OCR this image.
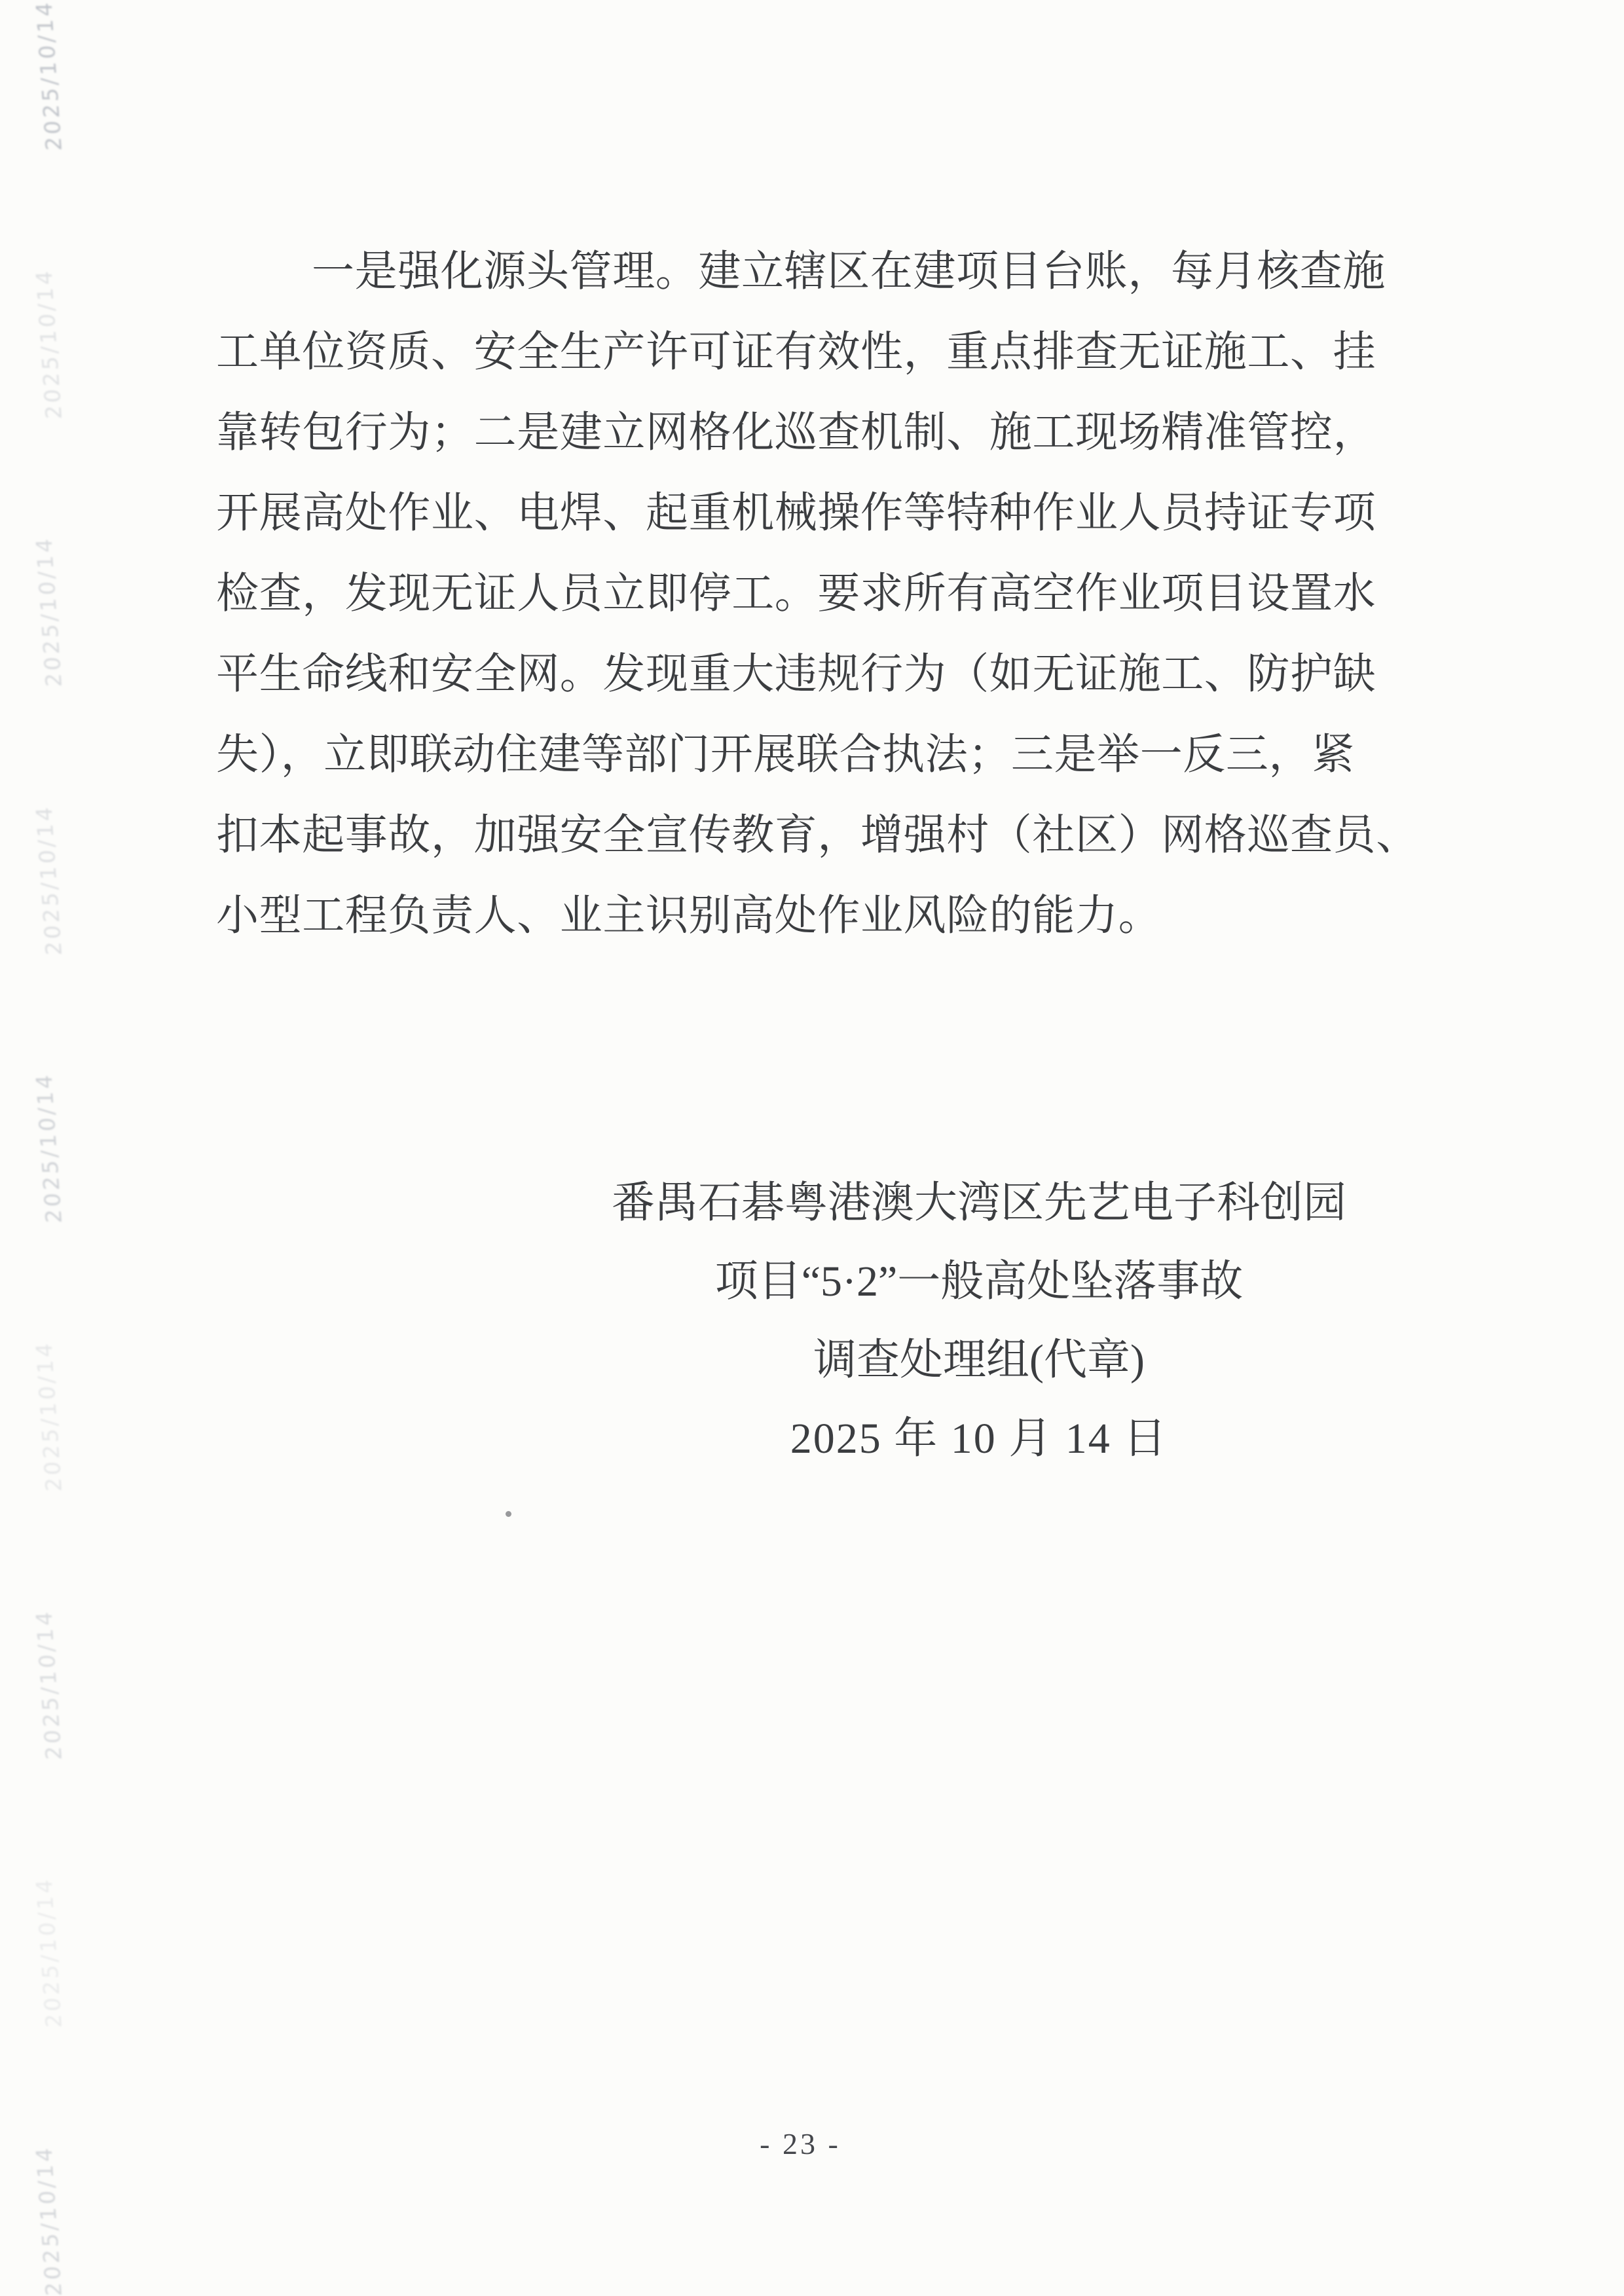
2025/10/14
2025/10/14
2025/10/14
2025/10/14
2025/10/14
2025/10/14
2025/10/14
2025/10/14
2025/10/14
一是强化源头管理。建立辖区在建项目台账，每月核查施
工单位资质、安全生产许可证有效性，重点排查无证施工、挂
靠转包行为；二是建立网格化巡查机制、施工现场精准管控，
开展高处作业、电焊、起重机械操作等特种作业人员持证专项
检查，发现无证人员立即停工。要求所有高空作业项目设置水
平生命线和安全网。发现重大违规行为（如无证施工、防护缺
失），立即联动住建等部门开展联合执法；三是举一反三，紧
扣本起事故，加强安全宣传教育，增强村（社区）网格巡查员、
小型工程负责人、业主识别高处作业风险的能力。
番禺石碁粤港澳大湾区先艺电子科创园
项目“5·2”一般高处坠落事故
调查处理组(代章)
2025 年 10 月 14 日
- 23 -
